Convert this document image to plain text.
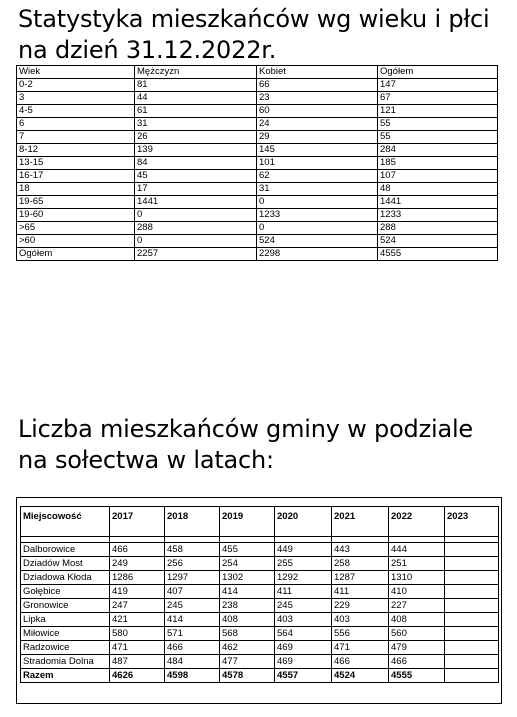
Statystyka mieszkańców wg wieku i płci na dzień 31.12.2022r.
Wiek	Mężczyzn	Kobiet	Ogółem
0-2	81	66	147
3	44	23	67
4-5	61	60	121
6	31	24	55
7	26	29	55
8-12	139	145	284
13-15	84	101	185
16-17	45	62	107
18	17	31	48
19-65	1441	0	1441
19-60	0	1233	1233
>65	288	0	288
>60	0	524	524
Ogółem	2257	2298	4555
Liczba mieszkańców gminy w podziale na sołectwa w latach:
Miejscowość	2017	2018	2019	2020	2021	2022	2023

Dalborowice	466	458	455	449	443	444	
Dziadów Most	249	256	254	255	258	251	
Dziadowa Kłoda	1286	1297	1302	1292	1287	1310	
Gołębice	419	407	414	411	411	410	
Gronowice	247	245	238	245	229	227	
Lipka	421	414	408	403	403	408	
Miłowice	580	571	568	564	556	560	
Radzowice	471	466	462	469	471	479	
Stradomia Dolna	487	484	477	469	466	466	
Razem	4626	4598	4578	4557	4524	4555	
